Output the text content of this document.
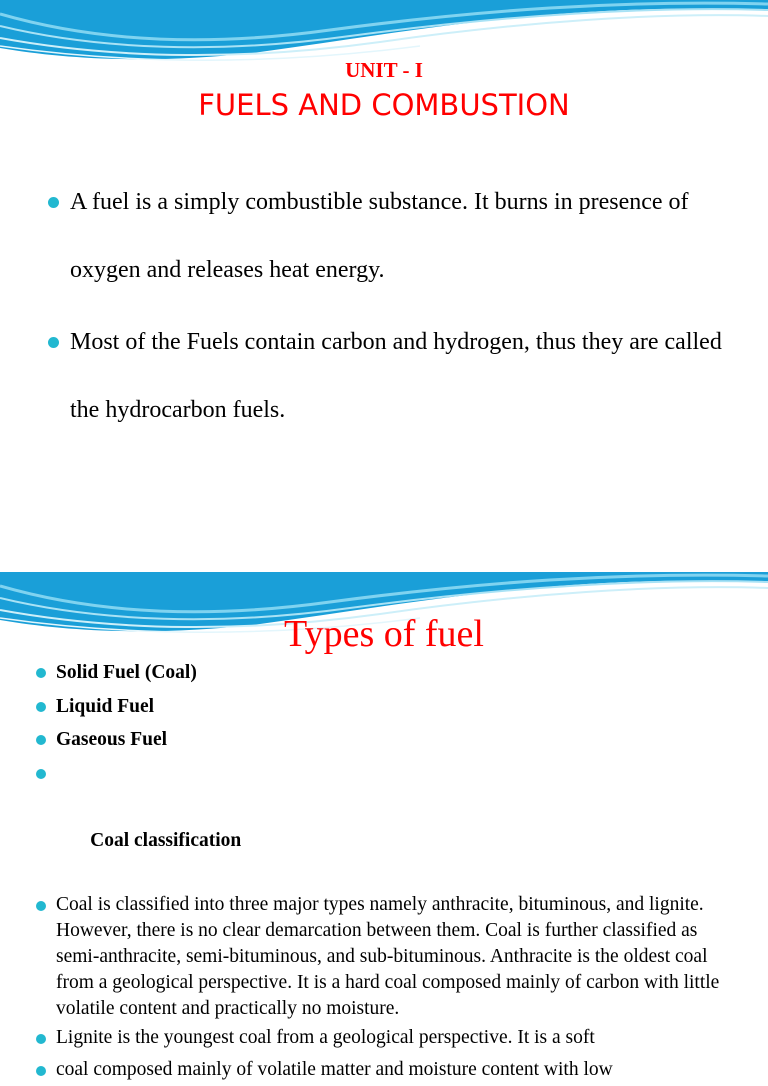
UNIT - I
FUELS AND COMBUSTION
A fuel is a simply combustible substance. It burns in presence of oxygen and releases heat energy.
Most of the Fuels contain carbon and hydrogen, thus they are called the hydrocarbon fuels.
Types of fuel
Solid Fuel (Coal)
Liquid Fuel
Gaseous Fuel

Coal classification

Coal is classified into three major types namely anthracite, bituminous, and lignite. However, there is no clear demarcation between them. Coal is further classified as semi-anthracite, semi-bituminous, and sub-bituminous. Anthracite is the oldest coal from a geological perspective. It is a hard coal composed mainly of carbon with little volatile content and practically no moisture.
Lignite is the youngest coal from a geological perspective. It is a soft
coal composed mainly of volatile matter and moisture content with low
